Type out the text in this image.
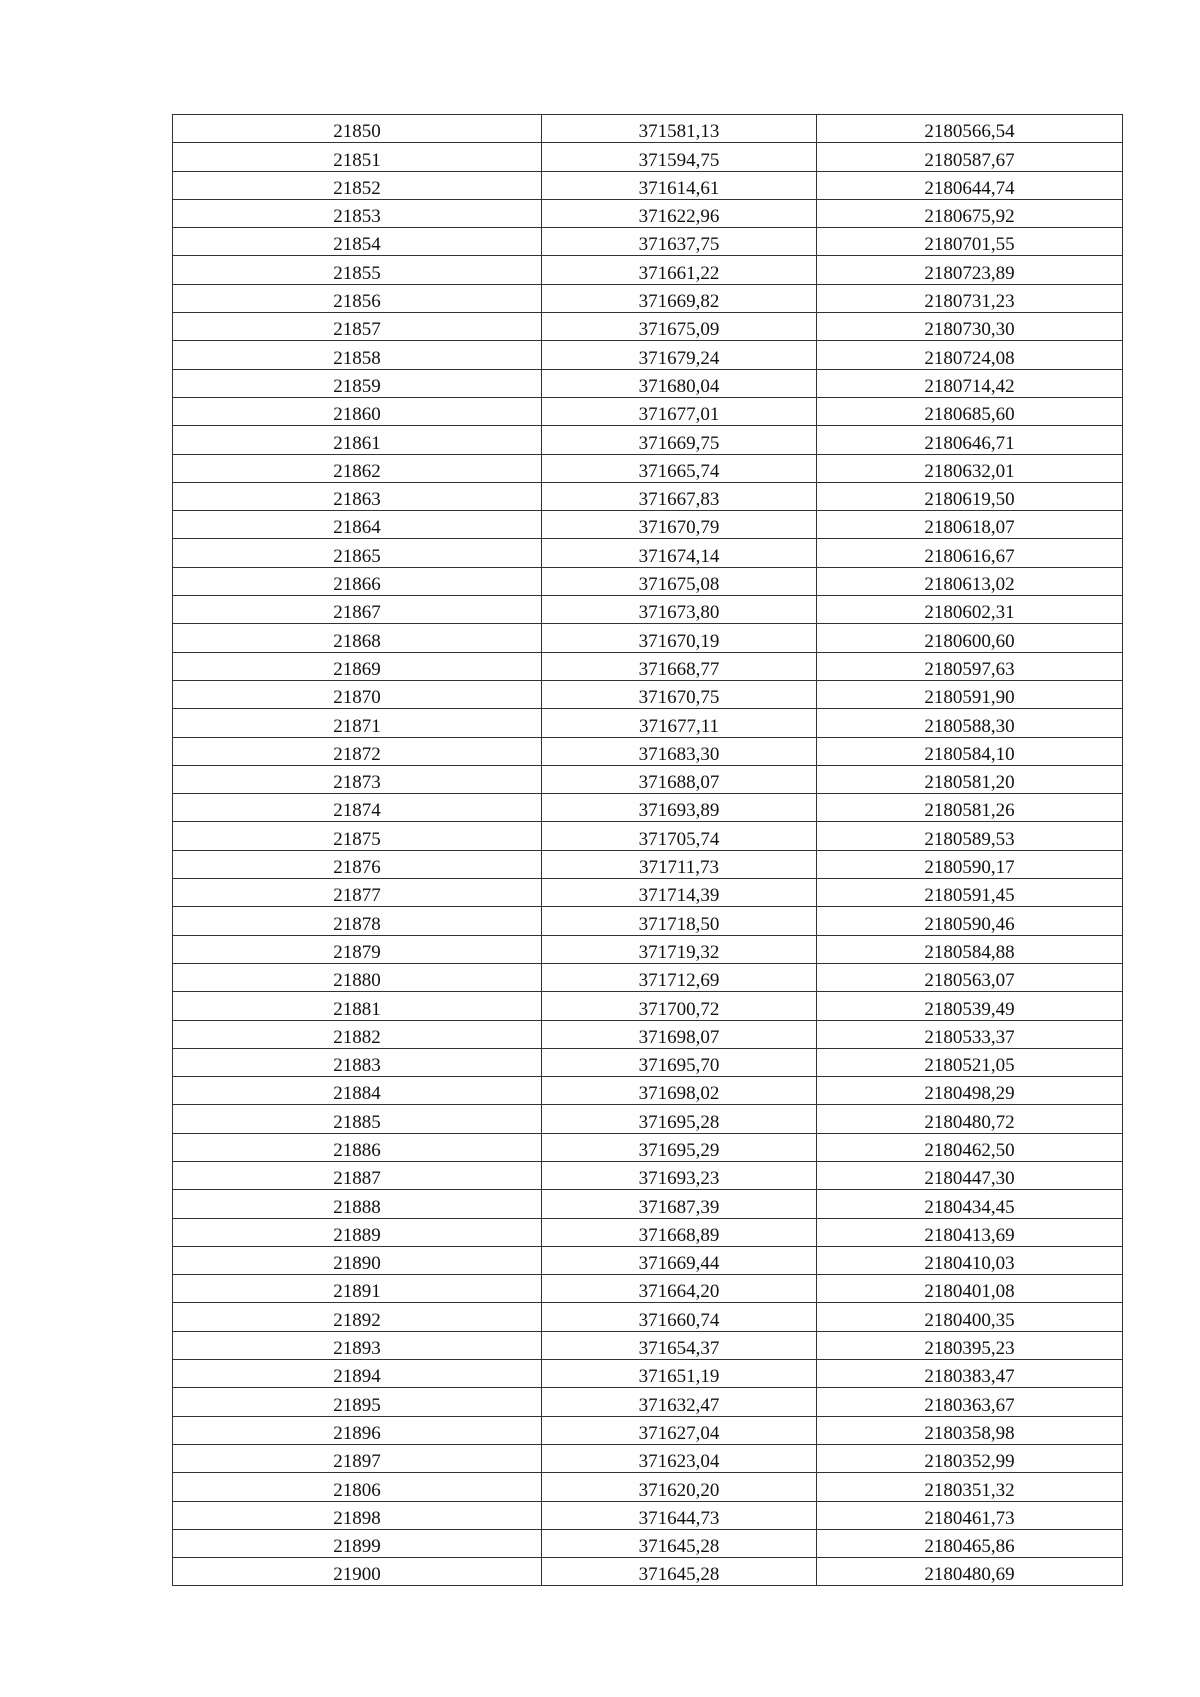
21850	371581,13	2180566,54
21851	371594,75	2180587,67
21852	371614,61	2180644,74
21853	371622,96	2180675,92
21854	371637,75	2180701,55
21855	371661,22	2180723,89
21856	371669,82	2180731,23
21857	371675,09	2180730,30
21858	371679,24	2180724,08
21859	371680,04	2180714,42
21860	371677,01	2180685,60
21861	371669,75	2180646,71
21862	371665,74	2180632,01
21863	371667,83	2180619,50
21864	371670,79	2180618,07
21865	371674,14	2180616,67
21866	371675,08	2180613,02
21867	371673,80	2180602,31
21868	371670,19	2180600,60
21869	371668,77	2180597,63
21870	371670,75	2180591,90
21871	371677,11	2180588,30
21872	371683,30	2180584,10
21873	371688,07	2180581,20
21874	371693,89	2180581,26
21875	371705,74	2180589,53
21876	371711,73	2180590,17
21877	371714,39	2180591,45
21878	371718,50	2180590,46
21879	371719,32	2180584,88
21880	371712,69	2180563,07
21881	371700,72	2180539,49
21882	371698,07	2180533,37
21883	371695,70	2180521,05
21884	371698,02	2180498,29
21885	371695,28	2180480,72
21886	371695,29	2180462,50
21887	371693,23	2180447,30
21888	371687,39	2180434,45
21889	371668,89	2180413,69
21890	371669,44	2180410,03
21891	371664,20	2180401,08
21892	371660,74	2180400,35
21893	371654,37	2180395,23
21894	371651,19	2180383,47
21895	371632,47	2180363,67
21896	371627,04	2180358,98
21897	371623,04	2180352,99
21806	371620,20	2180351,32
21898	371644,73	2180461,73
21899	371645,28	2180465,86
21900	371645,28	2180480,69
